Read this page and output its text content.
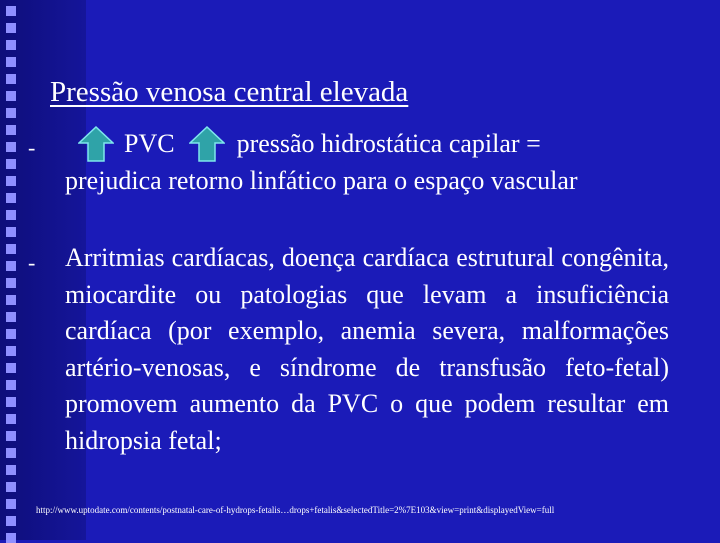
Pressão venosa central elevada
-	PVC pressão hidrostática capilar =
prejudica retorno linfático para o espaço vascular
- Arritmias cardíacas, doença cardíaca estrutural congênita, miocardite ou patologias que levam a insuficiência cardíaca (por exemplo, anemia severa, malformações artério-venosas, e síndrome de transfusão feto-fetal) promovem aumento da PVC o que podem resultar em hidropsia fetal;
http://www.uptodate.com/contents/postnatal-care-of-hydrops-fetalis…drops+fetalis&selectedTitle=2%7E103&view=print&displayedView=full
